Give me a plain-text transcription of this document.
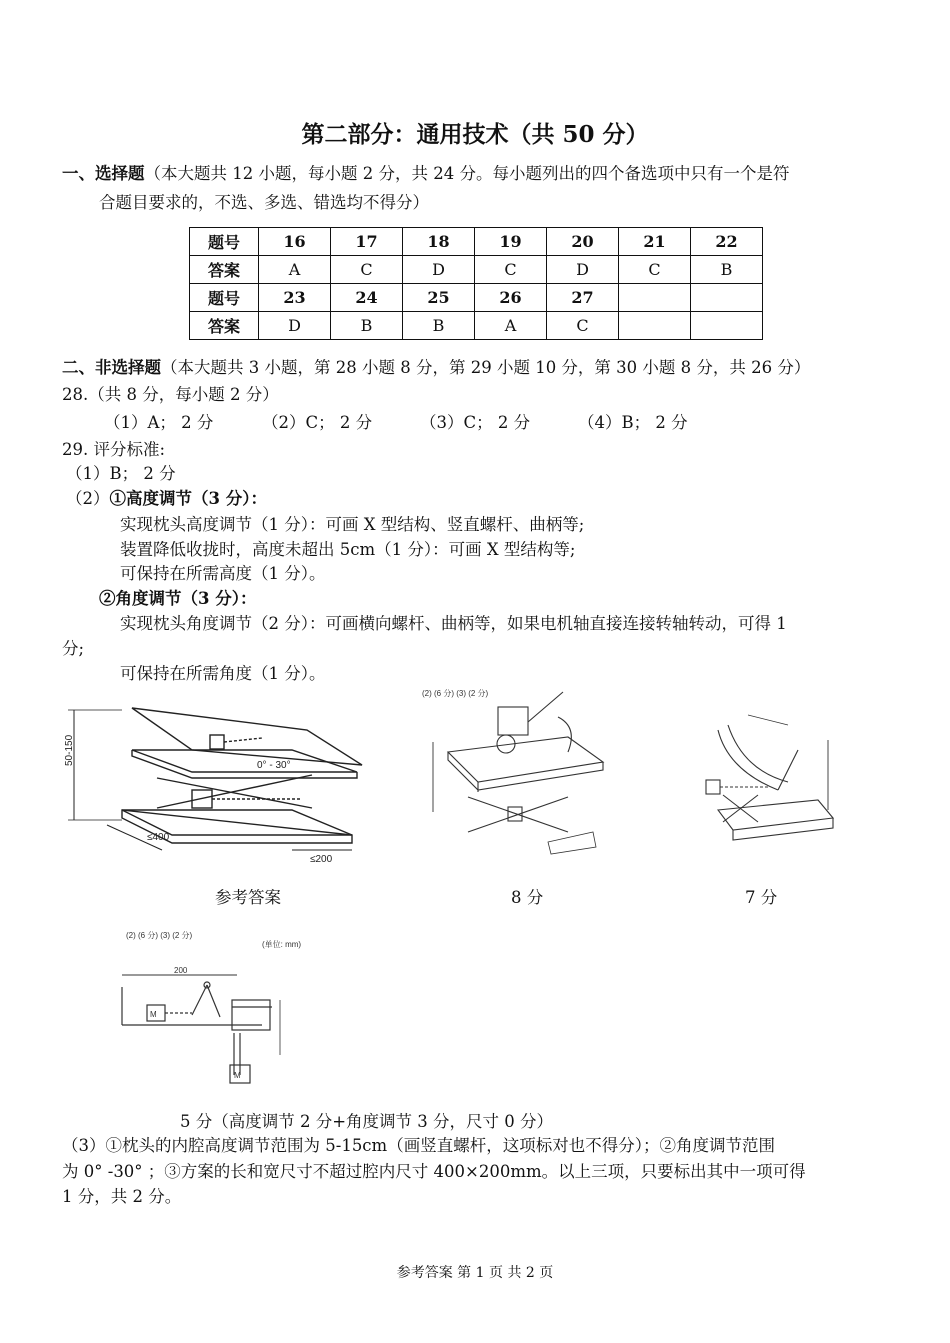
第二部分：通用技术（共 50 分）
一、选择题（本大题共 12 小题，每小题 2 分，共 24 分。每小题列出的四个备选项中只有一个是符
合题目要求的，不选、多选、错选均不得分）
题号	16	17	18	19	20	21	22
答案	A	C	D	C	D	C	B
题号	23	24	25	26	27		
答案	D	B	B	A	C		
二、非选择题（本大题共 3 小题，第 28 小题 8 分，第 29 小题 10 分，第 30 小题 8 分，共 26 分）
28.（共 8 分，每小题 2 分）
（1）A； 2 分	（2）C； 2 分	（3）C； 2 分	（4）B； 2 分
29. 评分标准:
（1）B； 2 分
（2）①高度调节（3 分）：
实现枕头高度调节（1 分）：可画 X 型结构、竖直螺杆、曲柄等;
装置降低收拢时，高度未超出 5cm（1 分）：可画 X 型结构等;
可保持在所需高度（1 分）。
②角度调节（3 分）：
实现枕头角度调节（2 分）：可画横向螺杆、曲柄等，如果电机轴直接连接转轴转动，可得 1
分;
可保持在所需角度（1 分）。
50-150	0° - 30°
≤400
≤200
参考答案
(2) (6 分) (3) (2 分)
8 分	7 分
(2) (6 分) (3) (2 分)
(单位: mm)
200
M
M
5 分（高度调节 2 分+角度调节 3 分，尺寸 0 分）
（3）①枕头的内腔高度调节范围为 5-15cm（画竖直螺杆，这项标对也不得分）；②角度调节范围
为 0° -30° ；③方案的长和宽尺寸不超过腔内尺寸 400×200mm。以上三项，只要标出其中一项可得
1 分，共 2 分。
参考答案 第 1 页 共 2 页
